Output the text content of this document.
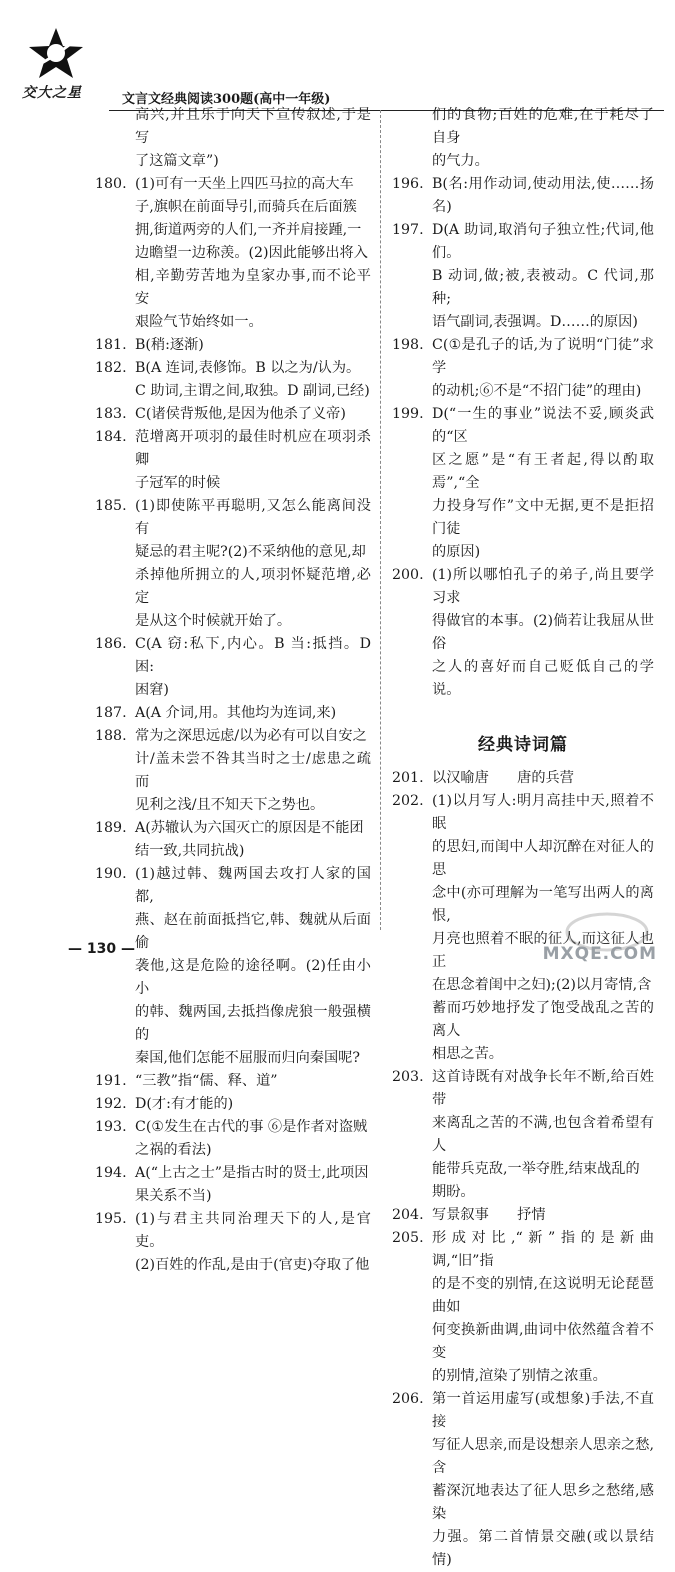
交大之星	文言文经典阅读300题(高中一年级)
高兴,并且乐于向天下宣传叙述,于是写
了这篇文章”)
180. (1)可有一天坐上四匹马拉的高大车
子,旗帜在前面导引,而骑兵在后面簇
拥,街道两旁的人们,一齐并肩接踵,一
边瞻望一边称羡。(2)因此能够出将入
相,辛勤劳苦地为皇家办事,而不论平安
艰险气节始终如一。
181. B(稍:逐渐)
182. B(A 连词,表修饰。B 以之为/认为。
C 助词,主谓之间,取独。D 副词,已经)
183. C(诸侯背叛他,是因为他杀了义帝)
184. 范增离开项羽的最佳时机应在项羽杀卿
子冠军的时候
185. (1)即使陈平再聪明,又怎么能离间没有
疑忌的君主呢?(2)不采纳他的意见,却
杀掉他所拥立的人,项羽怀疑范增,必定
是从这个时候就开始了。
186. C(A 窃:私下,内心。B 当:抵挡。D 困:
困窘)
187. A(A 介词,用。其他均为连词,来)
188. 常为之深思远虑/以为必有可以自安之
计/盖未尝不咎其当时之士/虑患之疏而
见利之浅/且不知天下之势也。
189. A(苏辙认为六国灭亡的原因是不能团
结一致,共同抗战)
190. (1)越过韩、魏两国去攻打人家的国都,
燕、赵在前面抵挡它,韩、魏就从后面偷
袭他,这是危险的途径啊。(2)任由小小
的韩、魏两国,去抵挡像虎狼一般强横的
秦国,他们怎能不屈服而归向秦国呢?
191. “三教”指“儒、释、道”
192. D(才:有才能的)
193. C(①发生在古代的事 ⑥是作者对盗贼
之祸的看法)
194. A(“上古之士”是指古时的贤士,此项因
果关系不当)
195. (1)与君主共同治理天下的人,是官吏。
(2)百姓的作乱,是由于(官吏)夺取了他
们的食物;百姓的危难,在于耗尽了自身
的气力。
196. B(名:用作动词,使动用法,使……扬名)
197. D(A 助词,取消句子独立性;代词,他们。
B 动词,做;被,表被动。C 代词,那种;
语气副词,表强调。D……的原因)
198. C(①是孔子的话,为了说明“门徒”求学
的动机;⑥不是“不招门徒”的理由)
199. D(“一生的事业”说法不妥,顾炎武的“区
区之愿”是“有王者起,得以酌取焉”,“全
力投身写作”文中无据,更不是拒招门徒
的原因)
200. (1)所以哪怕孔子的弟子,尚且要学习求
得做官的本事。(2)倘若让我屈从世俗
之人的喜好而自己贬低自己的学说。
经典诗词篇
201. 以汉喻唐　　唐的兵营
202. (1)以月写人:明月高挂中天,照着不眠
的思妇,而闺中人却沉醉在对征人的思
念中(亦可理解为一笔写出两人的离恨,
月亮也照着不眠的征人,而这征人也正
在思念着闺中之妇);(2)以月寄情,含
蓄而巧妙地抒发了饱受战乱之苦的离人
相思之苦。
203. 这首诗既有对战争长年不断,给百姓带
来离乱之苦的不满,也包含着希望有人
能带兵克敌,一举夺胜,结束战乱的
期盼。
204. 写景叙事　　抒情
205. 形成对比,“新”指的是新曲调,“旧”指
的是不变的别情,在这说明无论琵琶曲如
何变换新曲调,曲词中依然蕴含着不变
的别情,渲染了别情之浓重。
206. 第一首运用虚写(或想象)手法,不直接
写征人思亲,而是设想亲人思亲之愁,含
蓄深沉地表达了征人思乡之愁绪,感染
力强。第二首情景交融(或以景结情)
— 130 —	MXQE.COM
